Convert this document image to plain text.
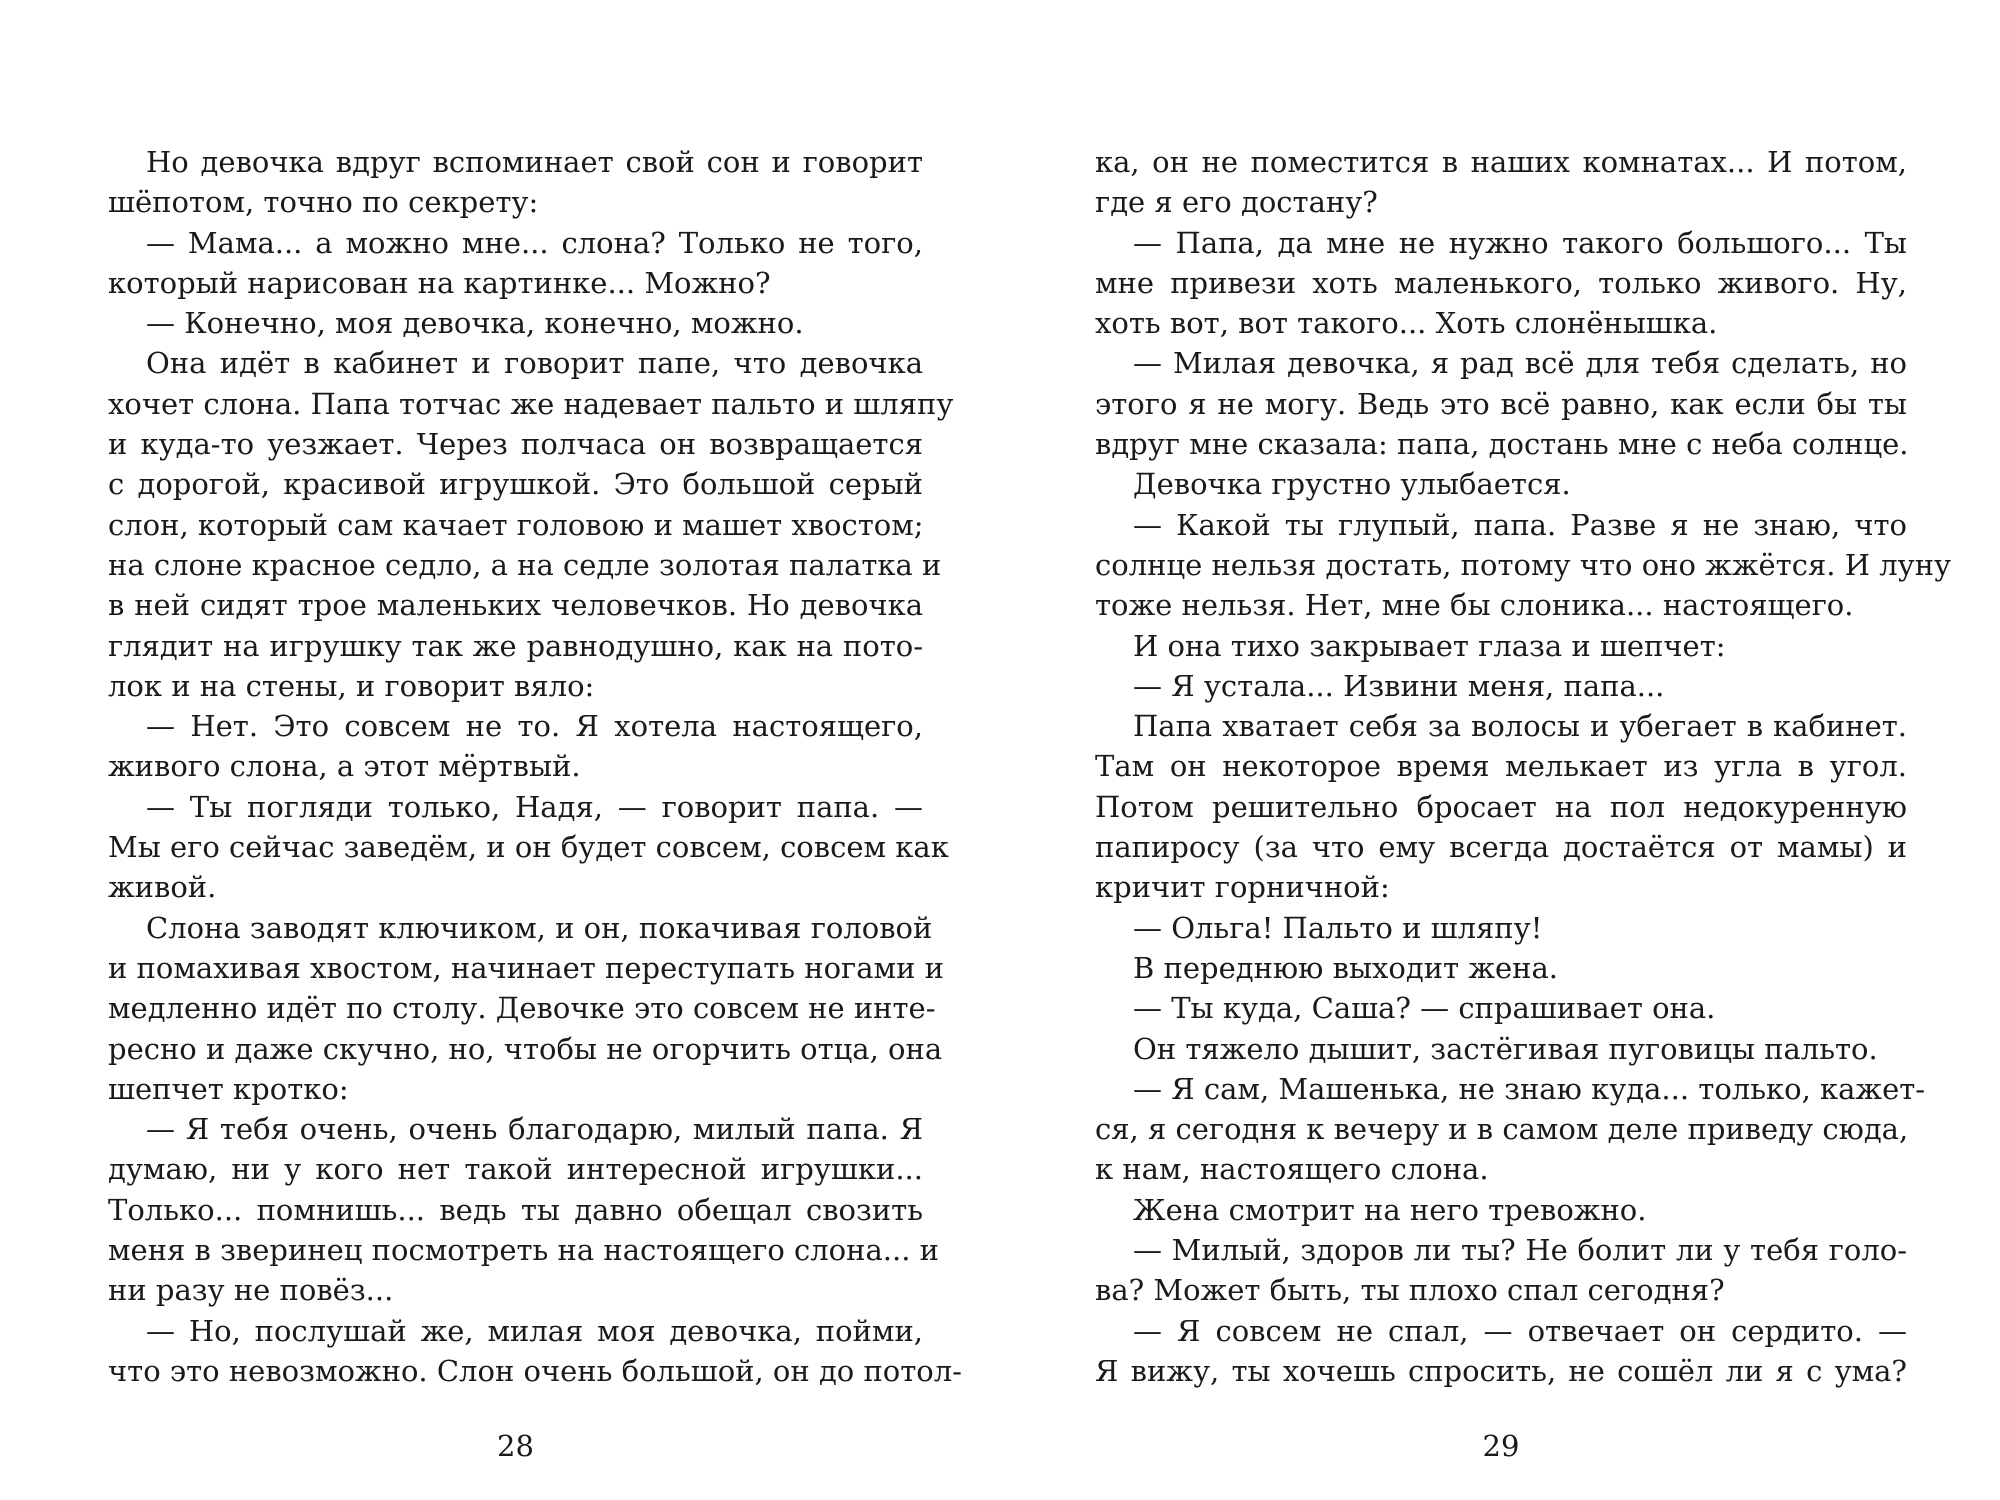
Но девочка вдруг вспоминает свой сон и говорит
шёпотом, точно по секрету:
— Мама... а можно мне... слона? Только не того,
который нарисован на картинке... Можно?
— Конечно, моя девочка, конечно, можно.
Она идёт в кабинет и говорит папе, что девочка
хочет слона. Папа тотчас же надевает пальто и шляпу
и куда-то уезжает. Через полчаса он возвращается
с дорогой, красивой игрушкой. Это большой серый
слон, который сам качает головою и машет хвостом;
на слоне красное седло, а на седле золотая палатка и
в ней сидят трое маленьких человечков. Но девочка
глядит на игрушку так же равнодушно, как на пото-
лок и на стены, и говорит вяло:
— Нет. Это совсем не то. Я хотела настоящего,
живого слона, а этот мёртвый.
— Ты погляди только, Надя, — говорит папа. —
Мы его сейчас заведём, и он будет совсем, совсем как
живой.
Слона заводят ключиком, и он, покачивая головой
и помахивая хвостом, начинает переступать ногами и
медленно идёт по столу. Девочке это совсем не инте-
ресно и даже скучно, но, чтобы не огорчить отца, она
шепчет кротко:
— Я тебя очень, очень благодарю, милый папа. Я
думаю, ни у кого нет такой интересной игрушки...
Только... помнишь... ведь ты давно обещал свозить
меня в зверинец посмотреть на настоящего слона... и
ни разу не повёз...
— Но, послушай же, милая моя девочка, пойми,
что это невозможно. Слон очень большой, он до потол-
28
ка, он не поместится в наших комнатах... И потом,
где я его достану?
— Папа, да мне не нужно такого большого... Ты
мне привези хоть маленького, только живого. Ну,
хоть вот, вот такого... Хоть слонёнышка.
— Милая девочка, я рад всё для тебя сделать, но
этого я не могу. Ведь это всё равно, как если бы ты
вдруг мне сказала: папа, достань мне с неба солнце.
Девочка грустно улыбается.
— Какой ты глупый, папа. Разве я не знаю, что
солнце нельзя достать, потому что оно жжётся. И луну
тоже нельзя. Нет, мне бы слоника... настоящего.
И она тихо закрывает глаза и шепчет:
— Я устала... Извини меня, папа...
Папа хватает себя за волосы и убегает в кабинет.
Там он некоторое время мелькает из угла в угол.
Потом решительно бросает на пол недокуренную
папиросу (за что ему всегда достаётся от мамы) и
кричит горничной:
— Ольга! Пальто и шляпу!
В переднюю выходит жена.
— Ты куда, Саша? — спрашивает она.
Он тяжело дышит, застёгивая пуговицы пальто.
— Я сам, Машенька, не знаю куда... только, кажет-
ся, я сегодня к вечеру и в самом деле приведу сюда,
к нам, настоящего слона.
Жена смотрит на него тревожно.
— Милый, здоров ли ты? Не болит ли у тебя голо-
ва? Может быть, ты плохо спал сегодня?
— Я совсем не спал, — отвечает он сердито. —
Я вижу, ты хочешь спросить, не сошёл ли я с ума?
29
